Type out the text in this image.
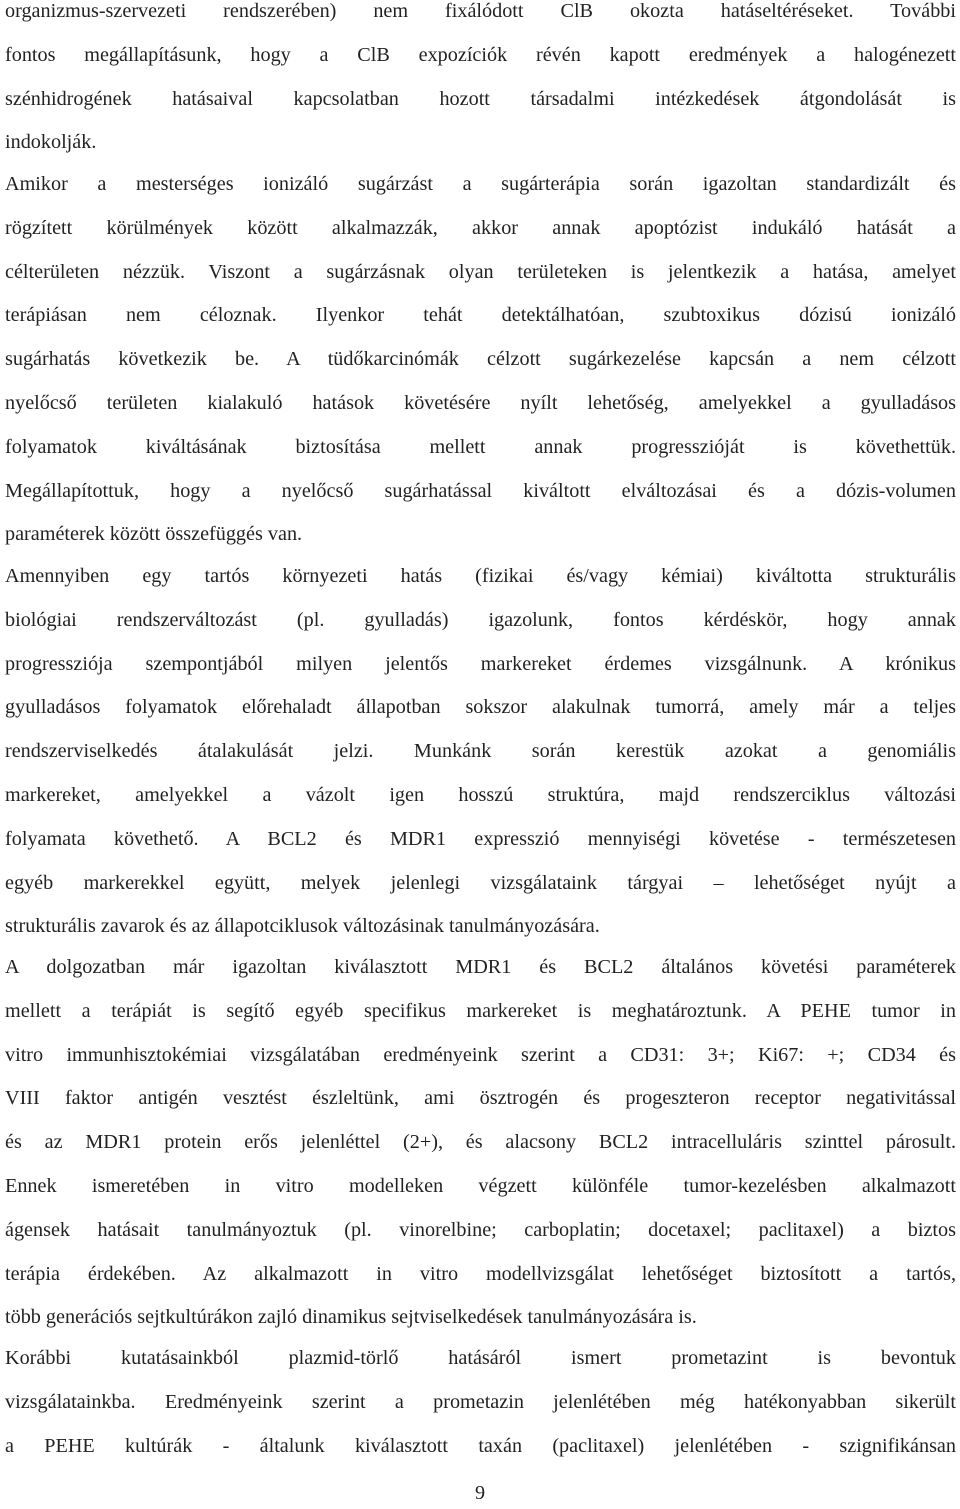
organizmus-szervezeti rendszerében) nem fixálódott ClB okozta hatáseltéréseket. További
fontos megállapításunk, hogy a ClB expozíciók révén kapott eredmények a halogénezett
szénhidrogének hatásaival kapcsolatban hozott társadalmi intézkedések átgondolását is
indokolják.
Amikor a mesterséges ionizáló sugárzást a sugárterápia során igazoltan standardizált és
rögzített körülmények között alkalmazzák, akkor annak apoptózist indukáló hatását a
célterületen nézzük. Viszont a sugárzásnak olyan területeken is jelentkezik a hatása, amelyet
terápiásan nem céloznak. Ilyenkor tehát detektálhatóan, szubtoxikus dózisú ionizáló
sugárhatás következik be. A tüdőkarcinómák célzott sugárkezelése kapcsán a nem célzott
nyelőcső területen kialakuló hatások követésére nyílt lehetőség, amelyekkel a gyulladásos
folyamatok kiváltásának biztosítása mellett annak progresszióját is követhettük.
Megállapítottuk, hogy a nyelőcső sugárhatással kiváltott elváltozásai és a dózis-volumen
paraméterek között összefüggés van.
Amennyiben egy tartós környezeti hatás (fizikai és/vagy kémiai) kiváltotta strukturális
biológiai rendszerváltozást (pl. gyulladás) igazolunk, fontos kérdéskör, hogy annak
progressziója szempontjából milyen jelentős markereket érdemes vizsgálnunk. A krónikus
gyulladásos folyamatok előrehaladt állapotban sokszor alakulnak tumorrá, amely már a teljes
rendszerviselkedés átalakulását jelzi. Munkánk során kerestük azokat a genomiális
markereket, amelyekkel a vázolt igen hosszú struktúra, majd rendszerciklus változási
folyamata követhető. A BCL2 és MDR1 expresszió mennyiségi követése - természetesen
egyéb markerekkel együtt, melyek jelenlegi vizsgálataink tárgyai – lehetőséget nyújt a
strukturális zavarok és az állapotciklusok változásinak tanulmányozására.
A dolgozatban már igazoltan kiválasztott MDR1 és BCL2 általános követési paraméterek
mellett a terápiát is segítő egyéb specifikus markereket is meghatároztunk. A PEHE tumor in
vitro immunhisztokémiai vizsgálatában eredményeink szerint a CD31: 3+; Ki67: +; CD34 és
VIII faktor antigén vesztést észleltünk, ami ösztrogén és progeszteron receptor negativitással
és az MDR1 protein erős jelenléttel (2+), és alacsony BCL2 intracelluláris szinttel párosult.
Ennek ismeretében in vitro modelleken végzett különféle tumor-kezelésben alkalmazott
ágensek hatásait tanulmányoztuk (pl. vinorelbine; carboplatin; docetaxel; paclitaxel) a biztos
terápia érdekében. Az alkalmazott in vitro modellvizsgálat lehetőséget biztosított a tartós,
több generációs sejtkultúrákon zajló dinamikus sejtviselkedések tanulmányozására is.
Korábbi kutatásainkból plazmid-törlő hatásáról ismert prometazint is bevontuk
vizsgálatainkba. Eredményeink szerint a prometazin jelenlétében még hatékonyabban sikerült
a PEHE kultúrák - általunk kiválasztott taxán (paclitaxel) jelenlétében - szignifikánsan
9
